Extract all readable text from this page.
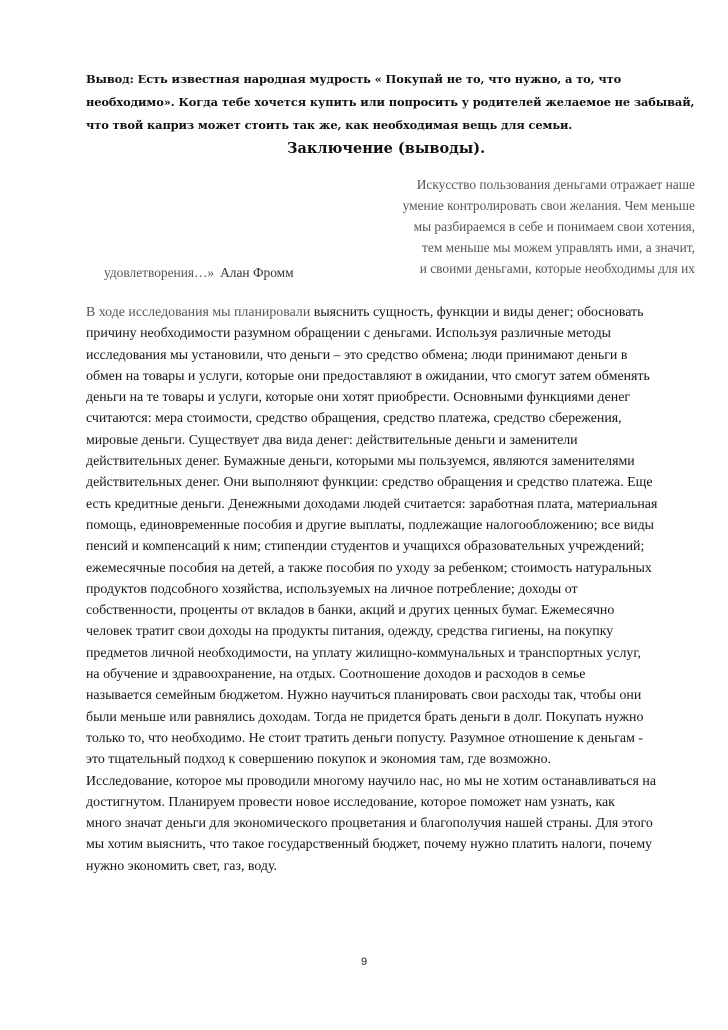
Вывод: Есть известная народная мудрость « Покупай не то, что нужно, а то, что
необходимо». Когда тебе хочется купить или попросить у родителей желаемое не забывай,
что твой каприз может стоить так же, как необходимая вещь для семьи.
Заключение (выводы).
Искусство пользования деньгами отражает наше
умение контролировать свои желания. Чем меньше
мы разбираемся в себе и понимаем свои хотения,
тем меньше мы можем управлять ими, а значит,
и своими деньгами, которые необходимы для их
удовлетворения…» Алан Фромм
В ходе исследования мы планировали выяснить сущность, функции и виды денег; обосновать
причину необходимости разумном обращении с деньгами. Используя различные методы
исследования мы установили, что деньги – это средство обмена; люди принимают деньги в
обмен на товары и услуги, которые они предоставляют в ожидании, что смогут затем обменять
деньги на те товары и услуги, которые они хотят приобрести. Основными функциями денег
считаются: мера стоимости, средство обращения, средство платежа, средство сбережения,
мировые деньги. Существует два вида денег: действительные деньги и заменители
действительных денег. Бумажные деньги, которыми мы пользуемся, являются заменителями
действительных денег. Они выполняют функции: средство обращения и средство платежа. Еще
есть кредитные деньги. Денежными доходами людей считается: заработная плата, материальная
помощь, единовременные пособия и другие выплаты, подлежащие налогообложению; все виды
пенсий и компенсаций к ним; стипендии студентов и учащихся образовательных учреждений;
ежемесячные пособия на детей, а также пособия по уходу за ребенком; стоимость натуральных
продуктов подсобного хозяйства, используемых на личное потребление; доходы от
собственности, проценты от вкладов в банки, акций и других ценных бумаг. Ежемесячно
человек тратит свои доходы на продукты питания, одежду, средства гигиены, на покупку
предметов личной необходимости, на уплату жилищно-коммунальных и транспортных услуг,
на обучение и здравоохранение, на отдых. Соотношение доходов и расходов в семье
называется семейным бюджетом. Нужно научиться планировать свои расходы так, чтобы они
были меньше или равнялись доходам. Тогда не придется брать деньги в долг. Покупать нужно
только то, что необходимо. Не стоит тратить деньги попусту. Разумное отношение к деньгам -
это тщательный подход к совершению покупок и экономия там, где возможно.
Исследование, которое мы проводили многому научило нас, но мы не хотим останавливаться на
достигнутом. Планируем провести новое исследование, которое поможет нам узнать, как
много значат деньги для экономического процветания и благополучия нашей страны. Для этого
мы хотим выяснить, что такое государственный бюджет, почему нужно платить налоги, почему
нужно экономить свет, газ, воду.
9
